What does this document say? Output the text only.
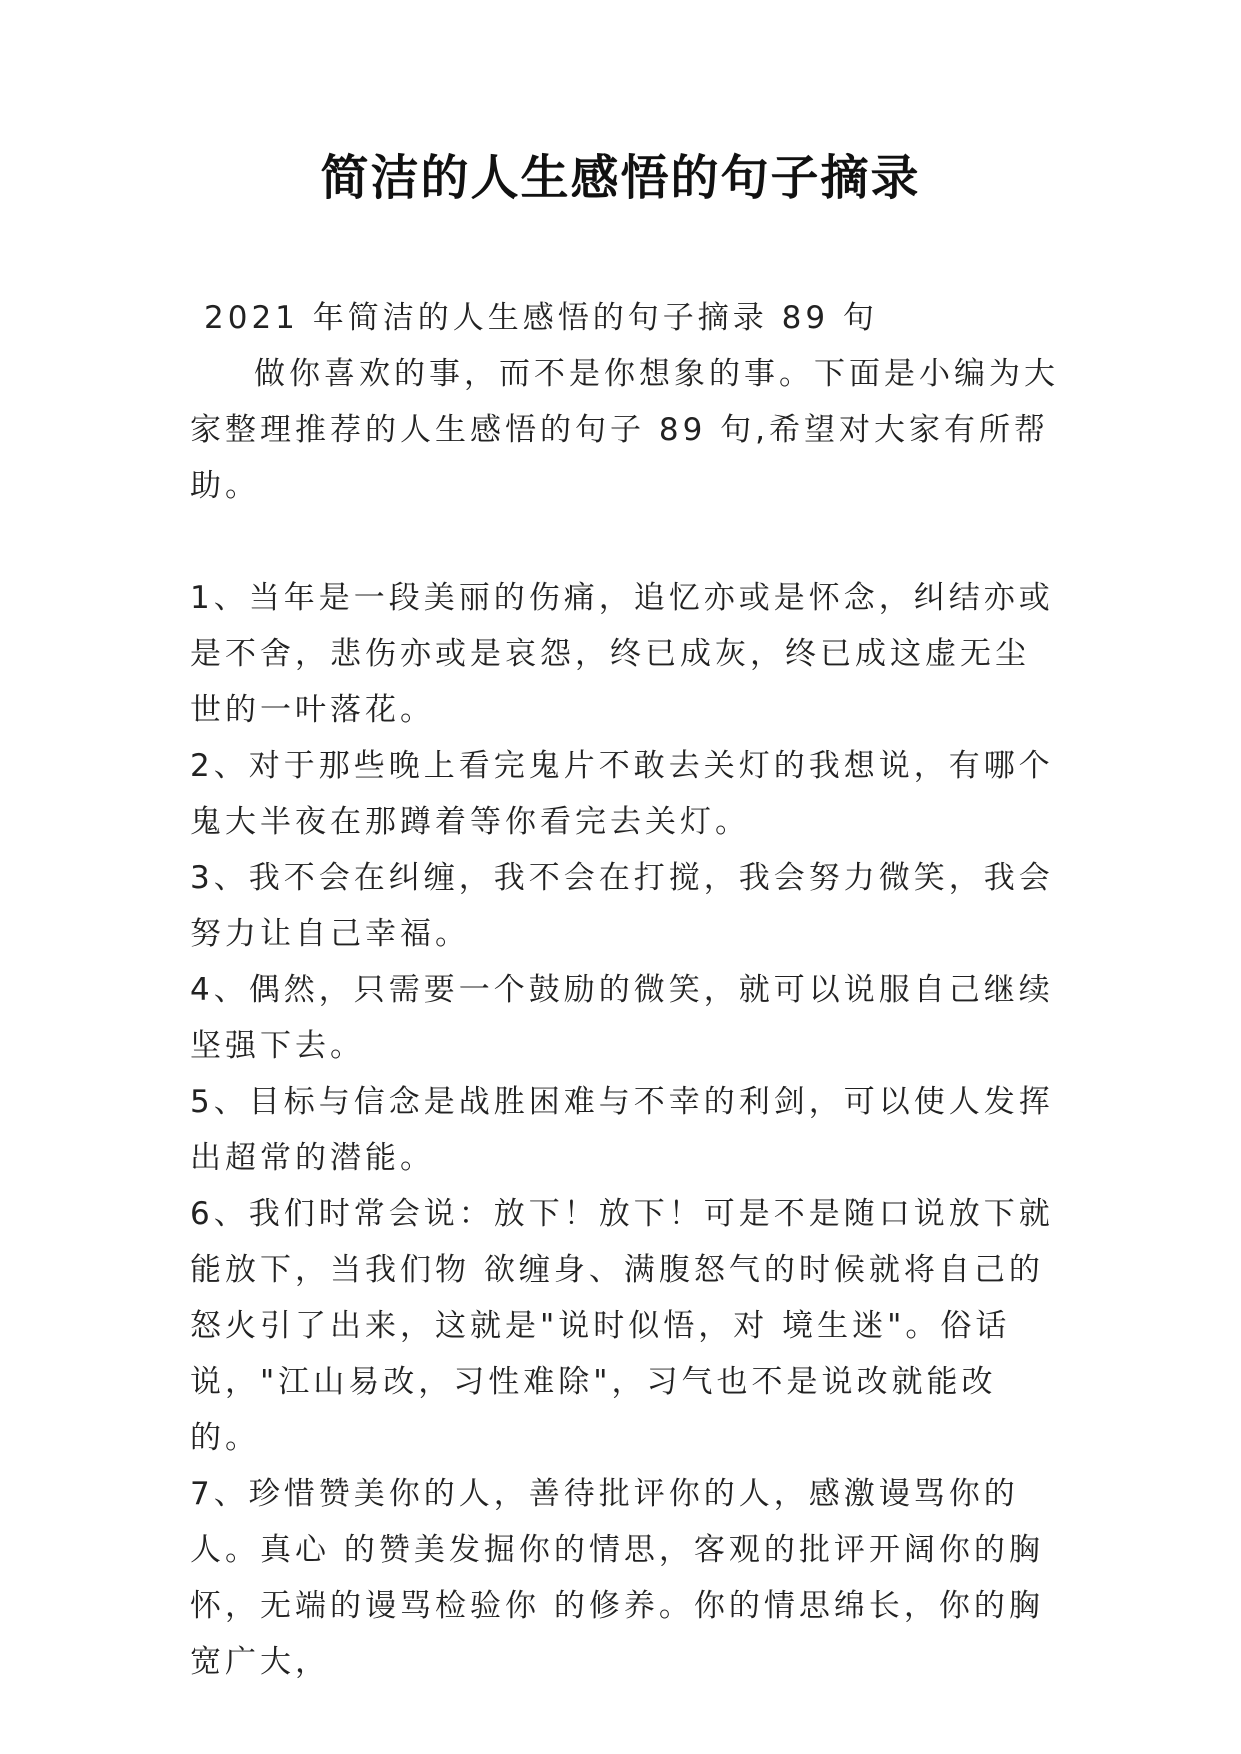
简洁的人生感悟的句子摘录

2021 年简洁的人生感悟的句子摘录 89 句

做你喜欢的事，而不是你想象的事。下面是小编为大家整理推荐的人生感悟的句子 89 句,希望对大家有所帮助。

1、当年是一段美丽的伤痛，追忆亦或是怀念，纠结亦或是不舍，悲伤亦或是哀怨，终已成灰，终已成这虚无尘世的一叶落花。

2、对于那些晚上看完鬼片不敢去关灯的我想说，有哪个鬼大半夜在那蹲着等你看完去关灯。

3、我不会在纠缠，我不会在打搅，我会努力微笑，我会努力让自己幸福。

4、偶然，只需要一个鼓励的微笑，就可以说服自己继续坚强下去。

5、目标与信念是战胜困难与不幸的利剑，可以使人发挥出超常的潜能。

6、我们时常会说：放下！放下！可是不是随口说放下就能放下，当我们物 欲缠身、满腹怒气的时候就将自己的怒火引了出来，这就是"说时似悟，对 境生迷"。俗话说，"江山易改，习性难除"，习气也不是说改就能改的。

7、珍惜赞美你的人，善待批评你的人，感激谩骂你的人。真心 的赞美发掘你的情思，客观的批评开阔你的胸怀，无端的谩骂检验你 的修养。你的情思绵长，你的胸宽广大，
